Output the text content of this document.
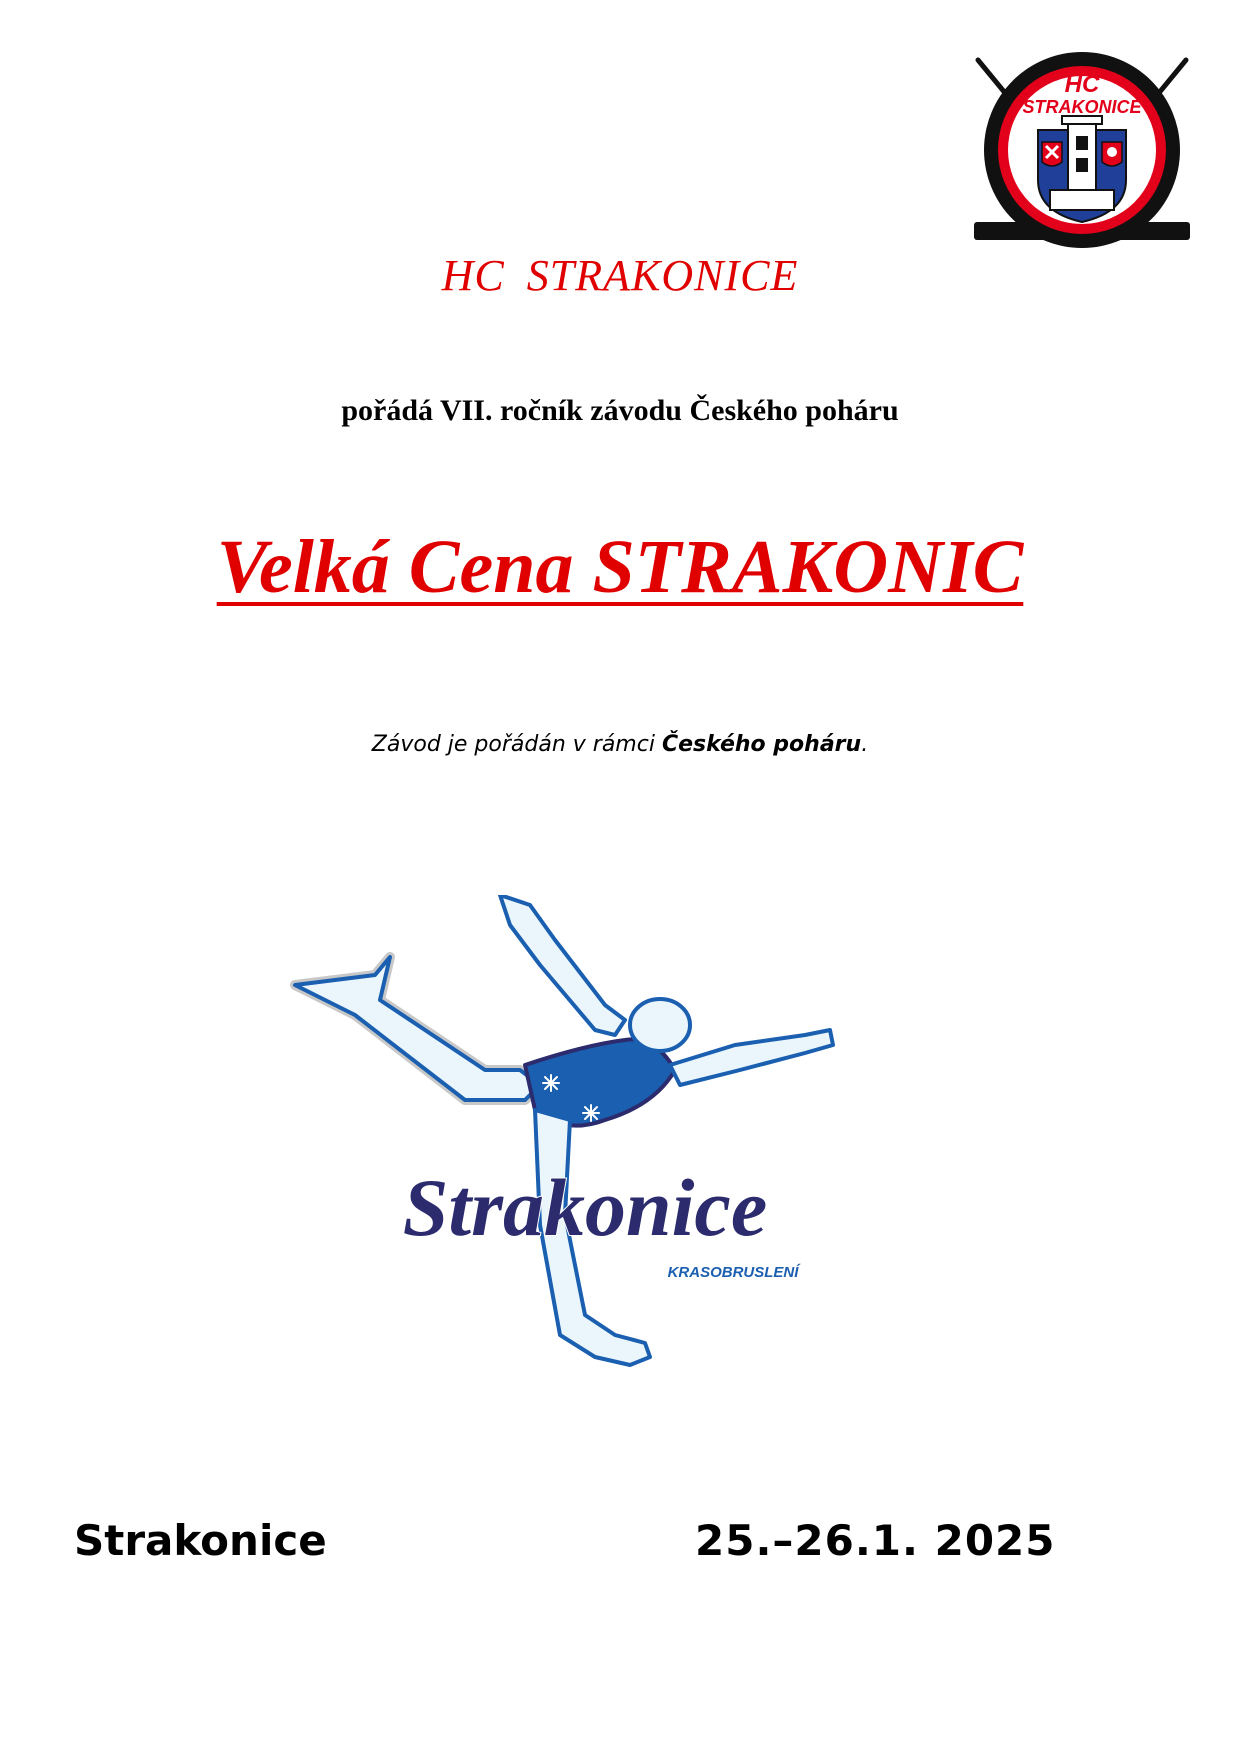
HC
STRAKONICE
HC STRAKONICE
pořádá VII. ročník závodu Českého poháru
Velká Cena STRAKONIC
Závod je pořádán v rámci Českého poháru.
Strakonice
KRASOBRUSLENÍ
Strakonice	25.–26.1. 2025
